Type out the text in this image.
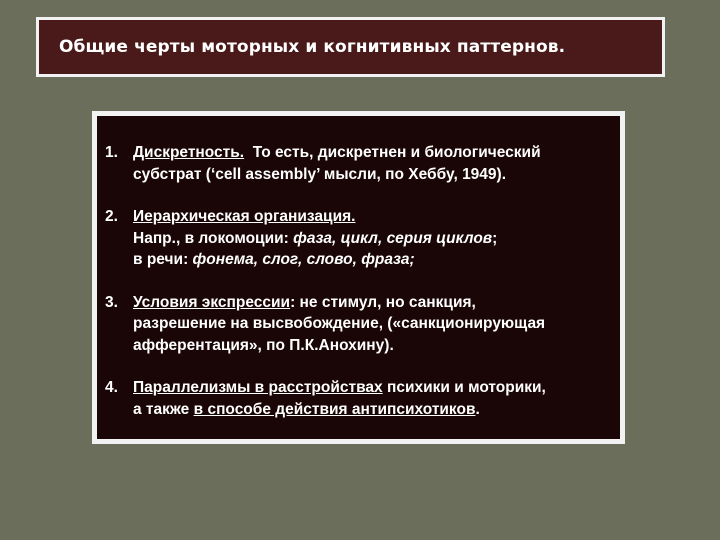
Общие черты моторных и когнитивных паттернов.
1. Дискретность.  То есть, дискретнен и биологический
субстрат (‘cell assembly’ мысли, по Хеббу, 1949).
2. Иерархическая организация.
Напр., в локомоции: фаза, цикл, серия циклов;
в речи: фонема, слог, слово, фраза;
3. Условия экспрессии: не стимул, но санкция,
разрешение на высвобождение, («санкционирующая
афферентация», по П.К.Анохину).
4. Параллелизмы в расстройствах психики и моторики,
а также в способе действия антипсихотиков.
